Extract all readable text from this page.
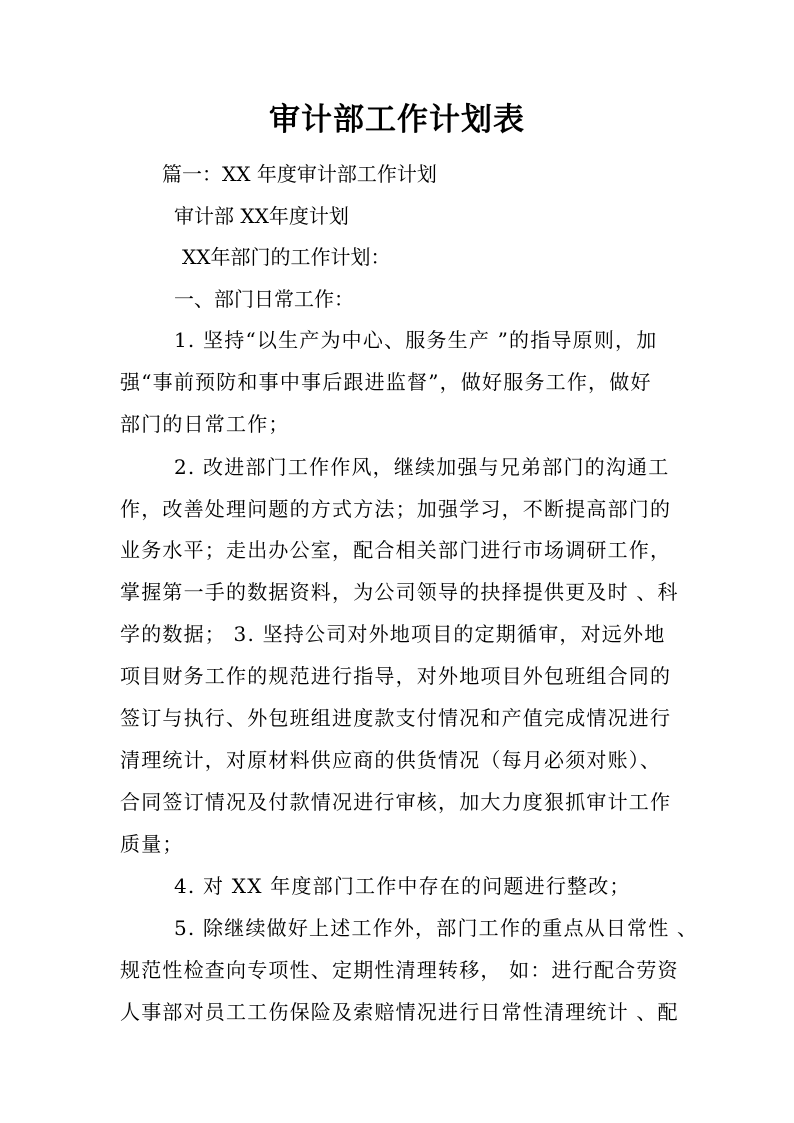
审计部工作计划表

篇一：XX 年度审计部工作计划

审计部 XX年度计划

XX年部门的工作计划：

一、部门日常工作：

1. 坚持“以生产为中心、服务生产 ”的指导原则，加

强“事前预防和事中事后跟进监督”，做好服务工作，做好

部门的日常工作；

2. 改进部门工作作风，继续加强与兄弟部门的沟通工

作，改善处理问题的方式方法；加强学习，不断提高部门的

业务水平；走出办公室，配合相关部门进行市场调研工作，

掌握第一手的数据资料，为公司领导的抉择提供更及时 、科

学的数据； 3. 坚持公司对外地项目的定期循审，对远外地

项目财务工作的规范进行指导，对外地项目外包班组合同的

签订与执行、外包班组进度款支付情况和产值完成情况进行

清理统计，对原材料供应商的供货情况（每月必须对账）、

合同签订情况及付款情况进行审核，加大力度狠抓审计工作

质量；

4. 对 XX 年度部门工作中存在的问题进行整改；

5. 除继续做好上述工作外，部门工作的重点从日常性 、

规范性检查向专项性、定期性清理转移， 如：进行配合劳资

人事部对员工工伤保险及索赔情况进行日常性清理统计 、配
